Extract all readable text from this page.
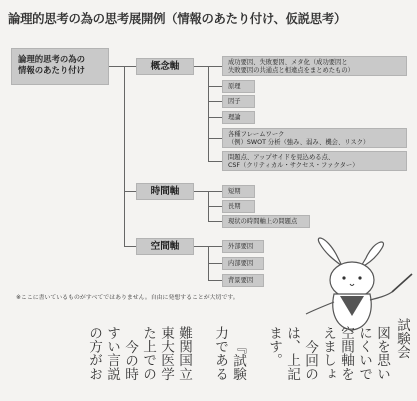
論理的思考の為の思考展開例（情報のあたり付け、仮説思考）
論理的思考の為の
情報のあたり付け	概念軸
時間軸
空間軸
成功要因、失敗要因、メタ化（成功要因と
失敗要因の共通点と相違点をまとめたもの）
原理
因子
理論
各種フレームワーク
（例）SWOT 分析（強み、弱み、機会、リスク）
問題点、アップサイドを見込める点、
CSF（クリティカル・サクセス・ファクター）
短期
長期
現状の時間軸上の問題点
外部要因
内部要因
背景要因
※ここに書いているものがすべてではありません。自由に発想することが大切です。
試験会
図を思い
にくいで
空間軸を
えましょ
今回の
は、上記
ます。
『試験
力である
難関国立
東大医学
た上での
今の時
すい言説
の方がお
